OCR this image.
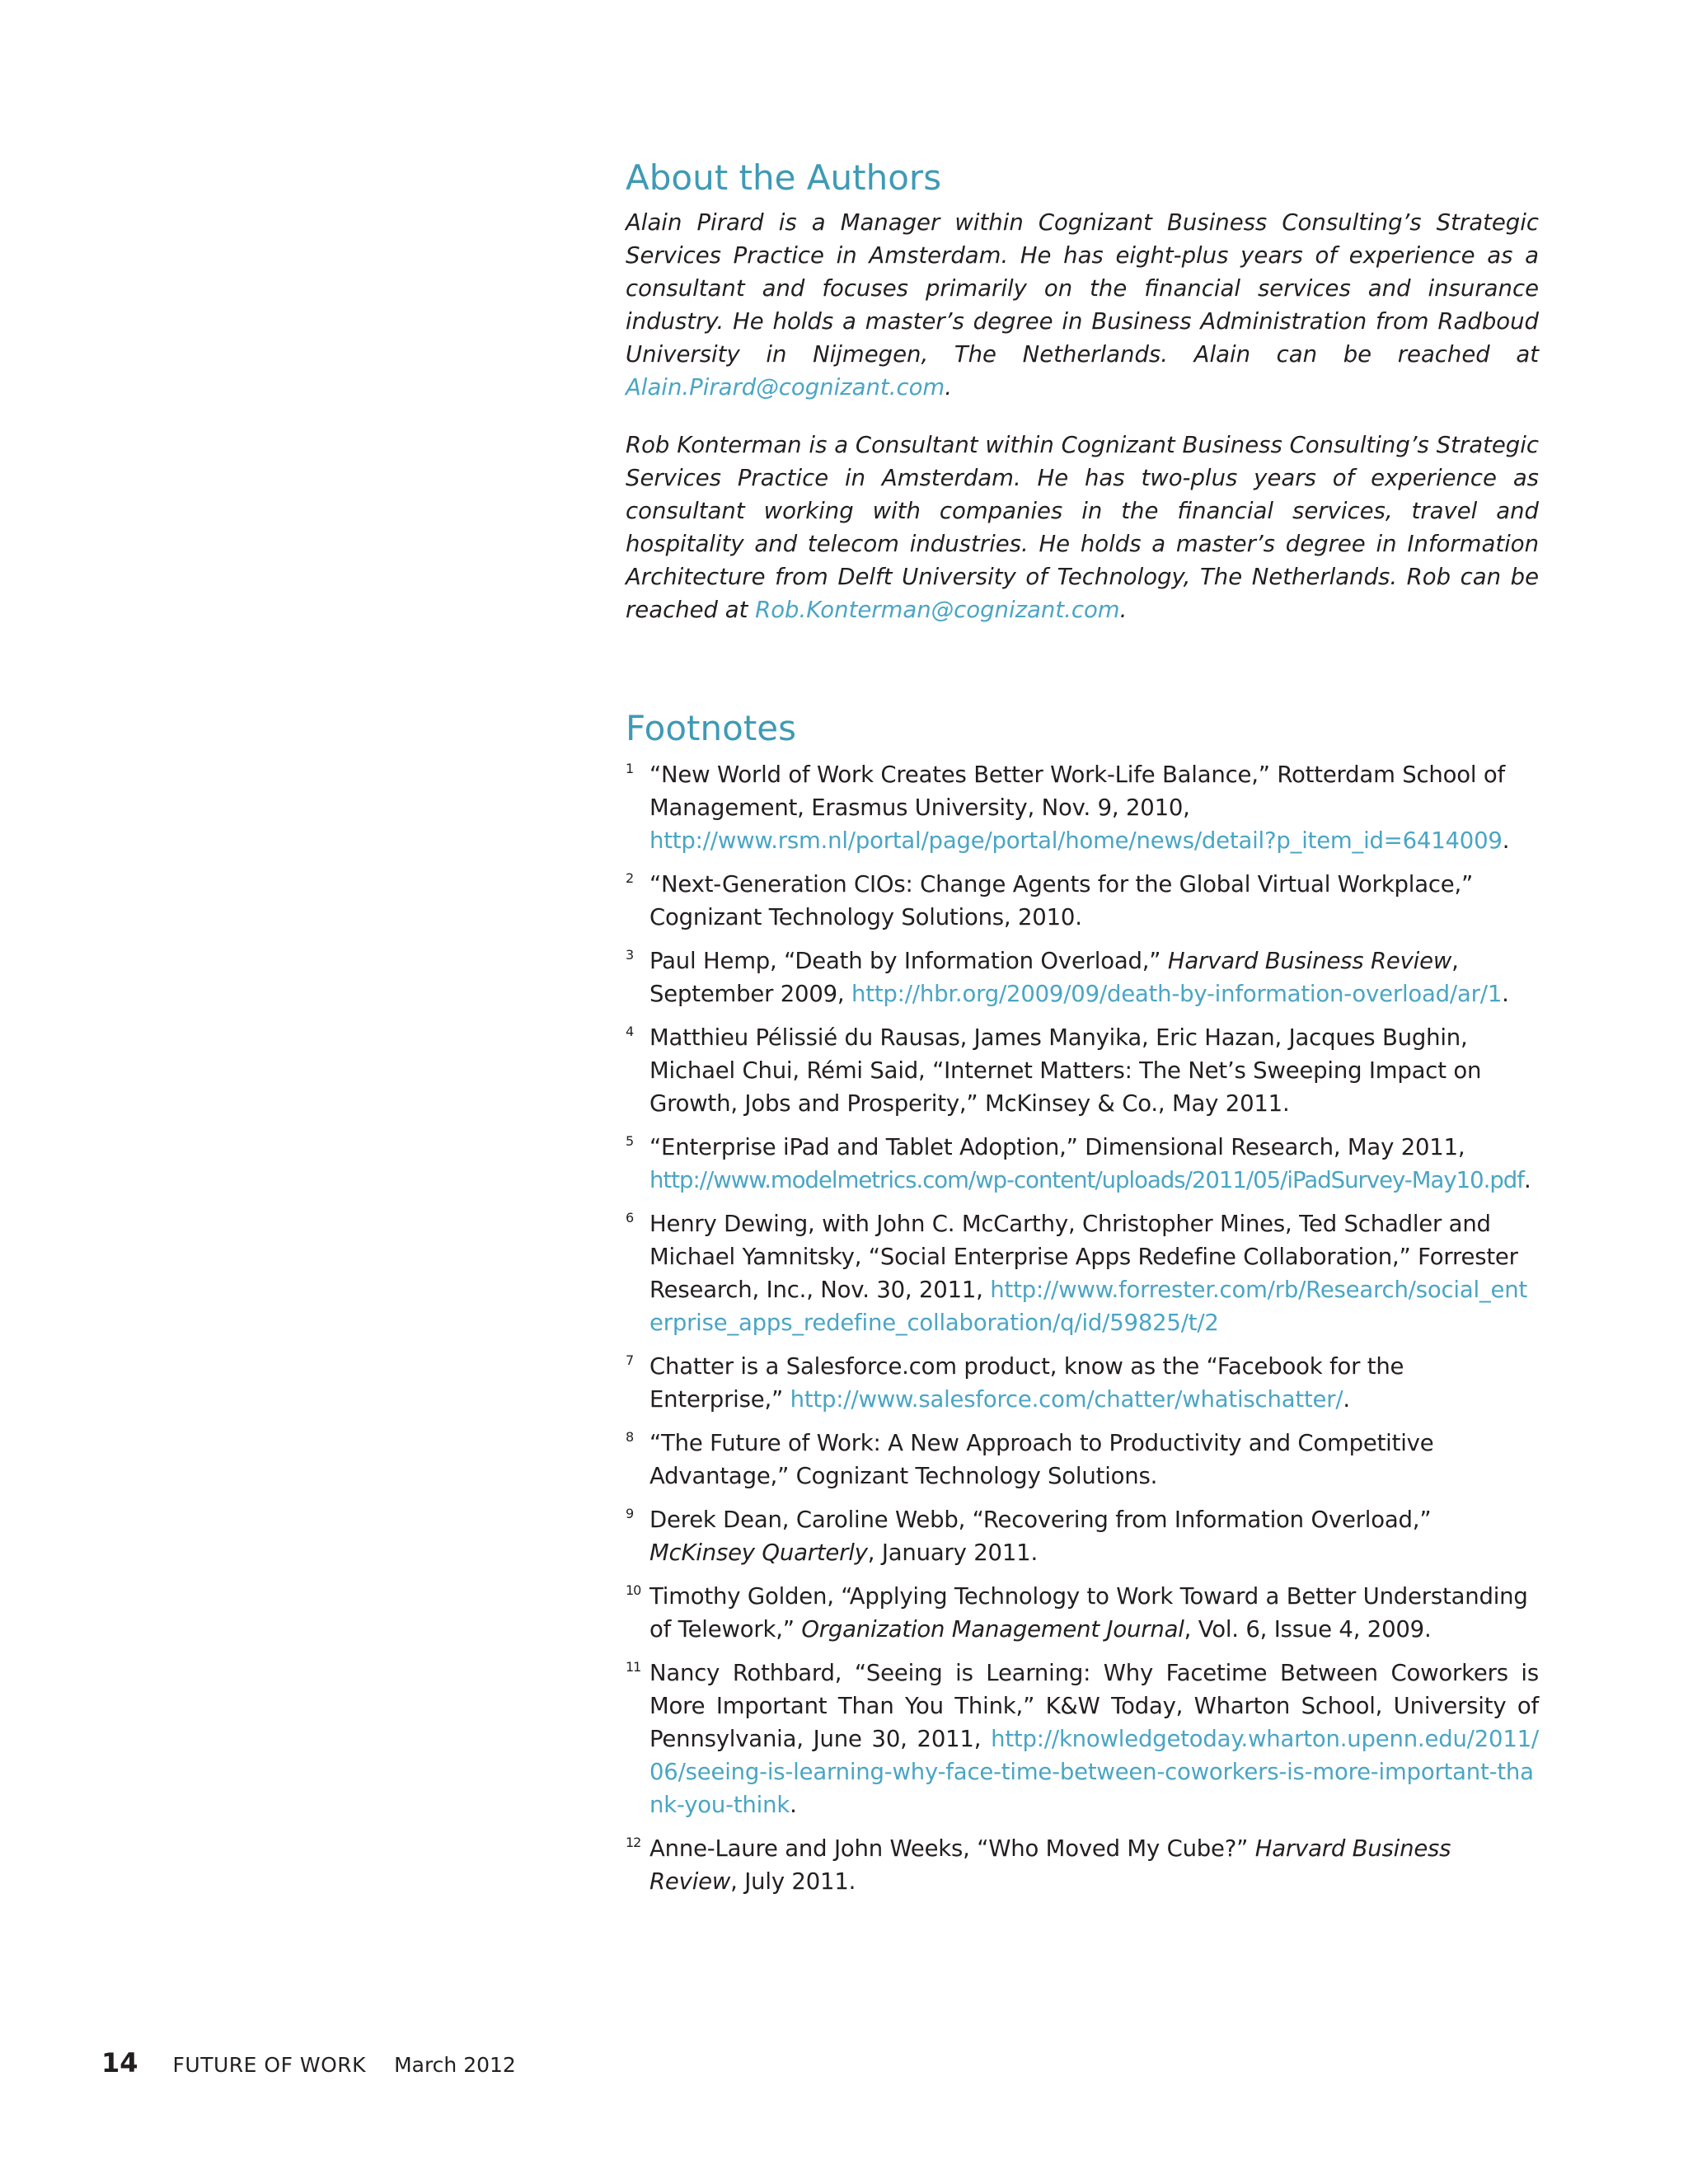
About the Authors

Alain Pirard is a Manager within Cognizant Business Consulting’s Strategic Services Practice in Amsterdam. He has eight-plus years of experience as a consultant and focuses primarily on the financial services and insurance industry. He holds a master’s degree in Business Administration from Radboud University in Nijmegen, The Netherlands. Alain can be reached at Alain.Pirard@cognizant.com.

Rob Konterman is a Consultant within Cognizant Business Consulting’s Strategic Services Practice in Amsterdam. He has two-plus years of experience as consultant working with companies in the financial services, travel and hospitality and telecom industries. He holds a master’s degree in Information Architecture from Delft University of Technology, The Netherlands. Rob can be reached at Rob.Konterman@cognizant.com.

Footnotes
1 “New World of Work Creates Better Work-Life Balance,” Rotterdam School of Management, Erasmus University, Nov. 9, 2010, http://www.rsm.nl/portal/page/portal/home/news/detail?p_item_id=6414009.
2 “Next-Generation CIOs: Change Agents for the Global Virtual Workplace,” Cognizant Technology Solutions, 2010.
3 Paul Hemp, “Death by Information Overload,” Harvard Business Review, September 2009, http://hbr.org/2009/09/death-by-information-overload/ar/1.
4 Matthieu Pélissié du Rausas, James Manyika, Eric Hazan, Jacques Bughin, Michael Chui, Rémi Said, “Internet Matters: The Net’s Sweeping Impact on Growth, Jobs and Prosperity,” McKinsey & Co., May 2011.
5 “Enterprise iPad and Tablet Adoption,” Dimensional Research, May 2011, http://www.modelmetrics.com/wp-content/uploads/2011/05/iPadSurvey-May10.pdf.
6 Henry Dewing, with John C. McCarthy, Christopher Mines, Ted Schadler and Michael Yamnitsky, “Social Enterprise Apps Redefine Collaboration,” Forrester Research, Inc., Nov. 30, 2011, http://www.forrester.com/rb/Research/social_enterprise_apps_redefine_collaboration/q/id/59825/t/2
7 Chatter is a Salesforce.com product, know as the “Facebook for the Enterprise,” http://www.salesforce.com/chatter/whatischatter/.
8 “The Future of Work: A New Approach to Productivity and Competitive Advantage,” Cognizant Technology Solutions.
9 Derek Dean, Caroline Webb, “Recovering from Information Overload,” McKinsey Quarterly, January 2011.
10 Timothy Golden, “Applying Technology to Work Toward a Better Understanding of Telework,” Organization Management Journal, Vol. 6, Issue 4, 2009.
11 Nancy Rothbard, “Seeing is Learning: Why Facetime Between Coworkers is More Important Than You Think,” K&W Today, Wharton School, University of Pennsylvania, June 30, 2011, http://knowledgetoday.wharton.upenn.edu/2011/06/seeing-is-learning-why-face-time-between-coworkers-is-more-important-thank-you-think.
12 Anne-Laure and John Weeks, “Who Moved My Cube?” Harvard Business Review, July 2011.
14 FUTURE OF WORK March 2012
